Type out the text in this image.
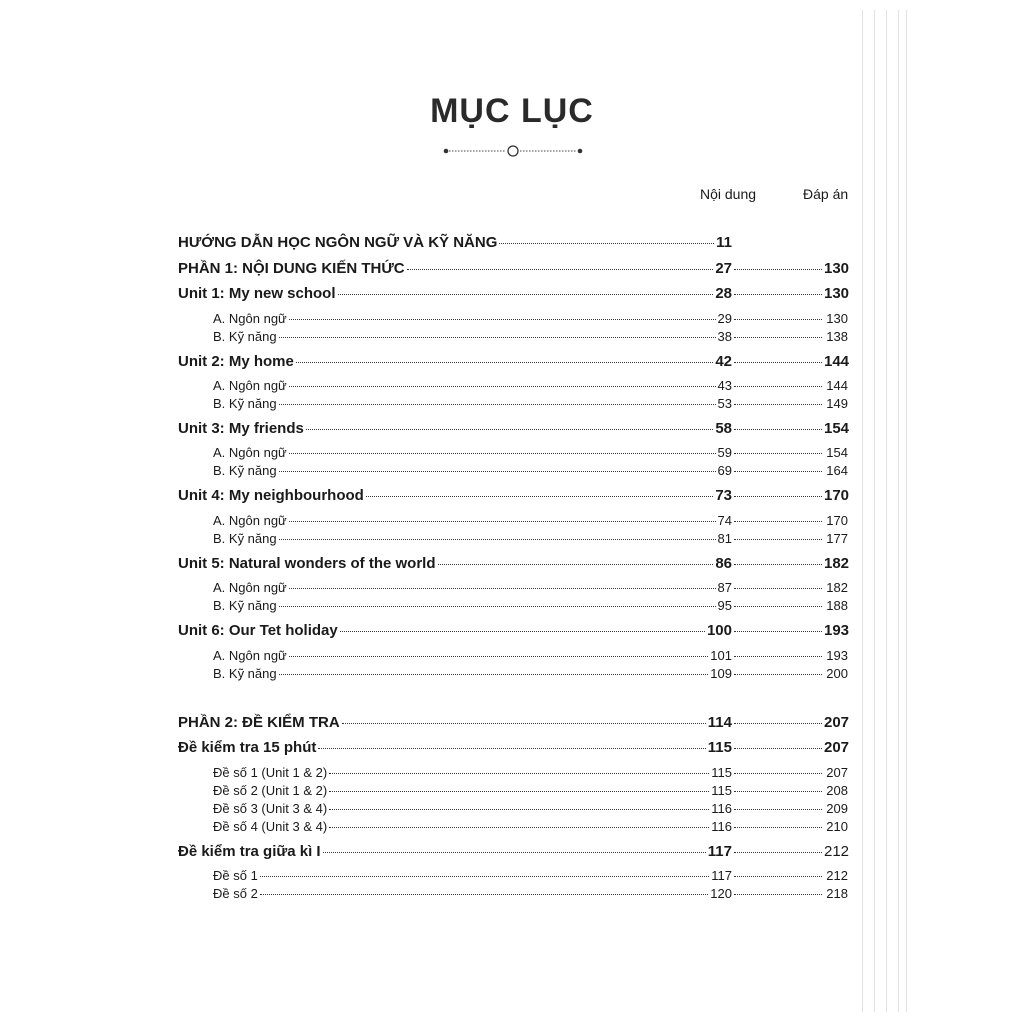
MỤC LỤC
Nội dung	Đáp án
HƯỚNG DẪN HỌC NGÔN NGỮ VÀ KỸ NĂNG	11
PHẦN 1: NỘI DUNG KIẾN THỨC	27	130
Unit 1: My new school	28	130
A. Ngôn ngữ	29	130
B. Kỹ năng	38	138
Unit 2: My home	42	144
A. Ngôn ngữ	43	144
B. Kỹ năng	53	149
Unit 3: My friends	58	154
A. Ngôn ngữ	59	154
B. Kỹ năng	69	164
Unit 4: My neighbourhood	73	170
A. Ngôn ngữ	74	170
B. Kỹ năng	81	177
Unit 5: Natural wonders of the world	86	182
A. Ngôn ngữ	87	182
B. Kỹ năng	95	188
Unit 6: Our Tet holiday	100	193
A. Ngôn ngữ	101	193
B. Kỹ năng	109	200
PHẦN 2: ĐỀ KIỂM TRA	114	207
Đề kiểm tra 15 phút	115	207
Đề số 1 (Unit 1 & 2)	115	207
Đề số 2 (Unit 1 & 2)	115	208
Đề số 3 (Unit 3 & 4)	116	209
Đề số 4 (Unit 3 & 4)	116	210
Đề kiểm tra giữa kì I	117	212
Đề số 1	117	212
Đề số 2	120	218
